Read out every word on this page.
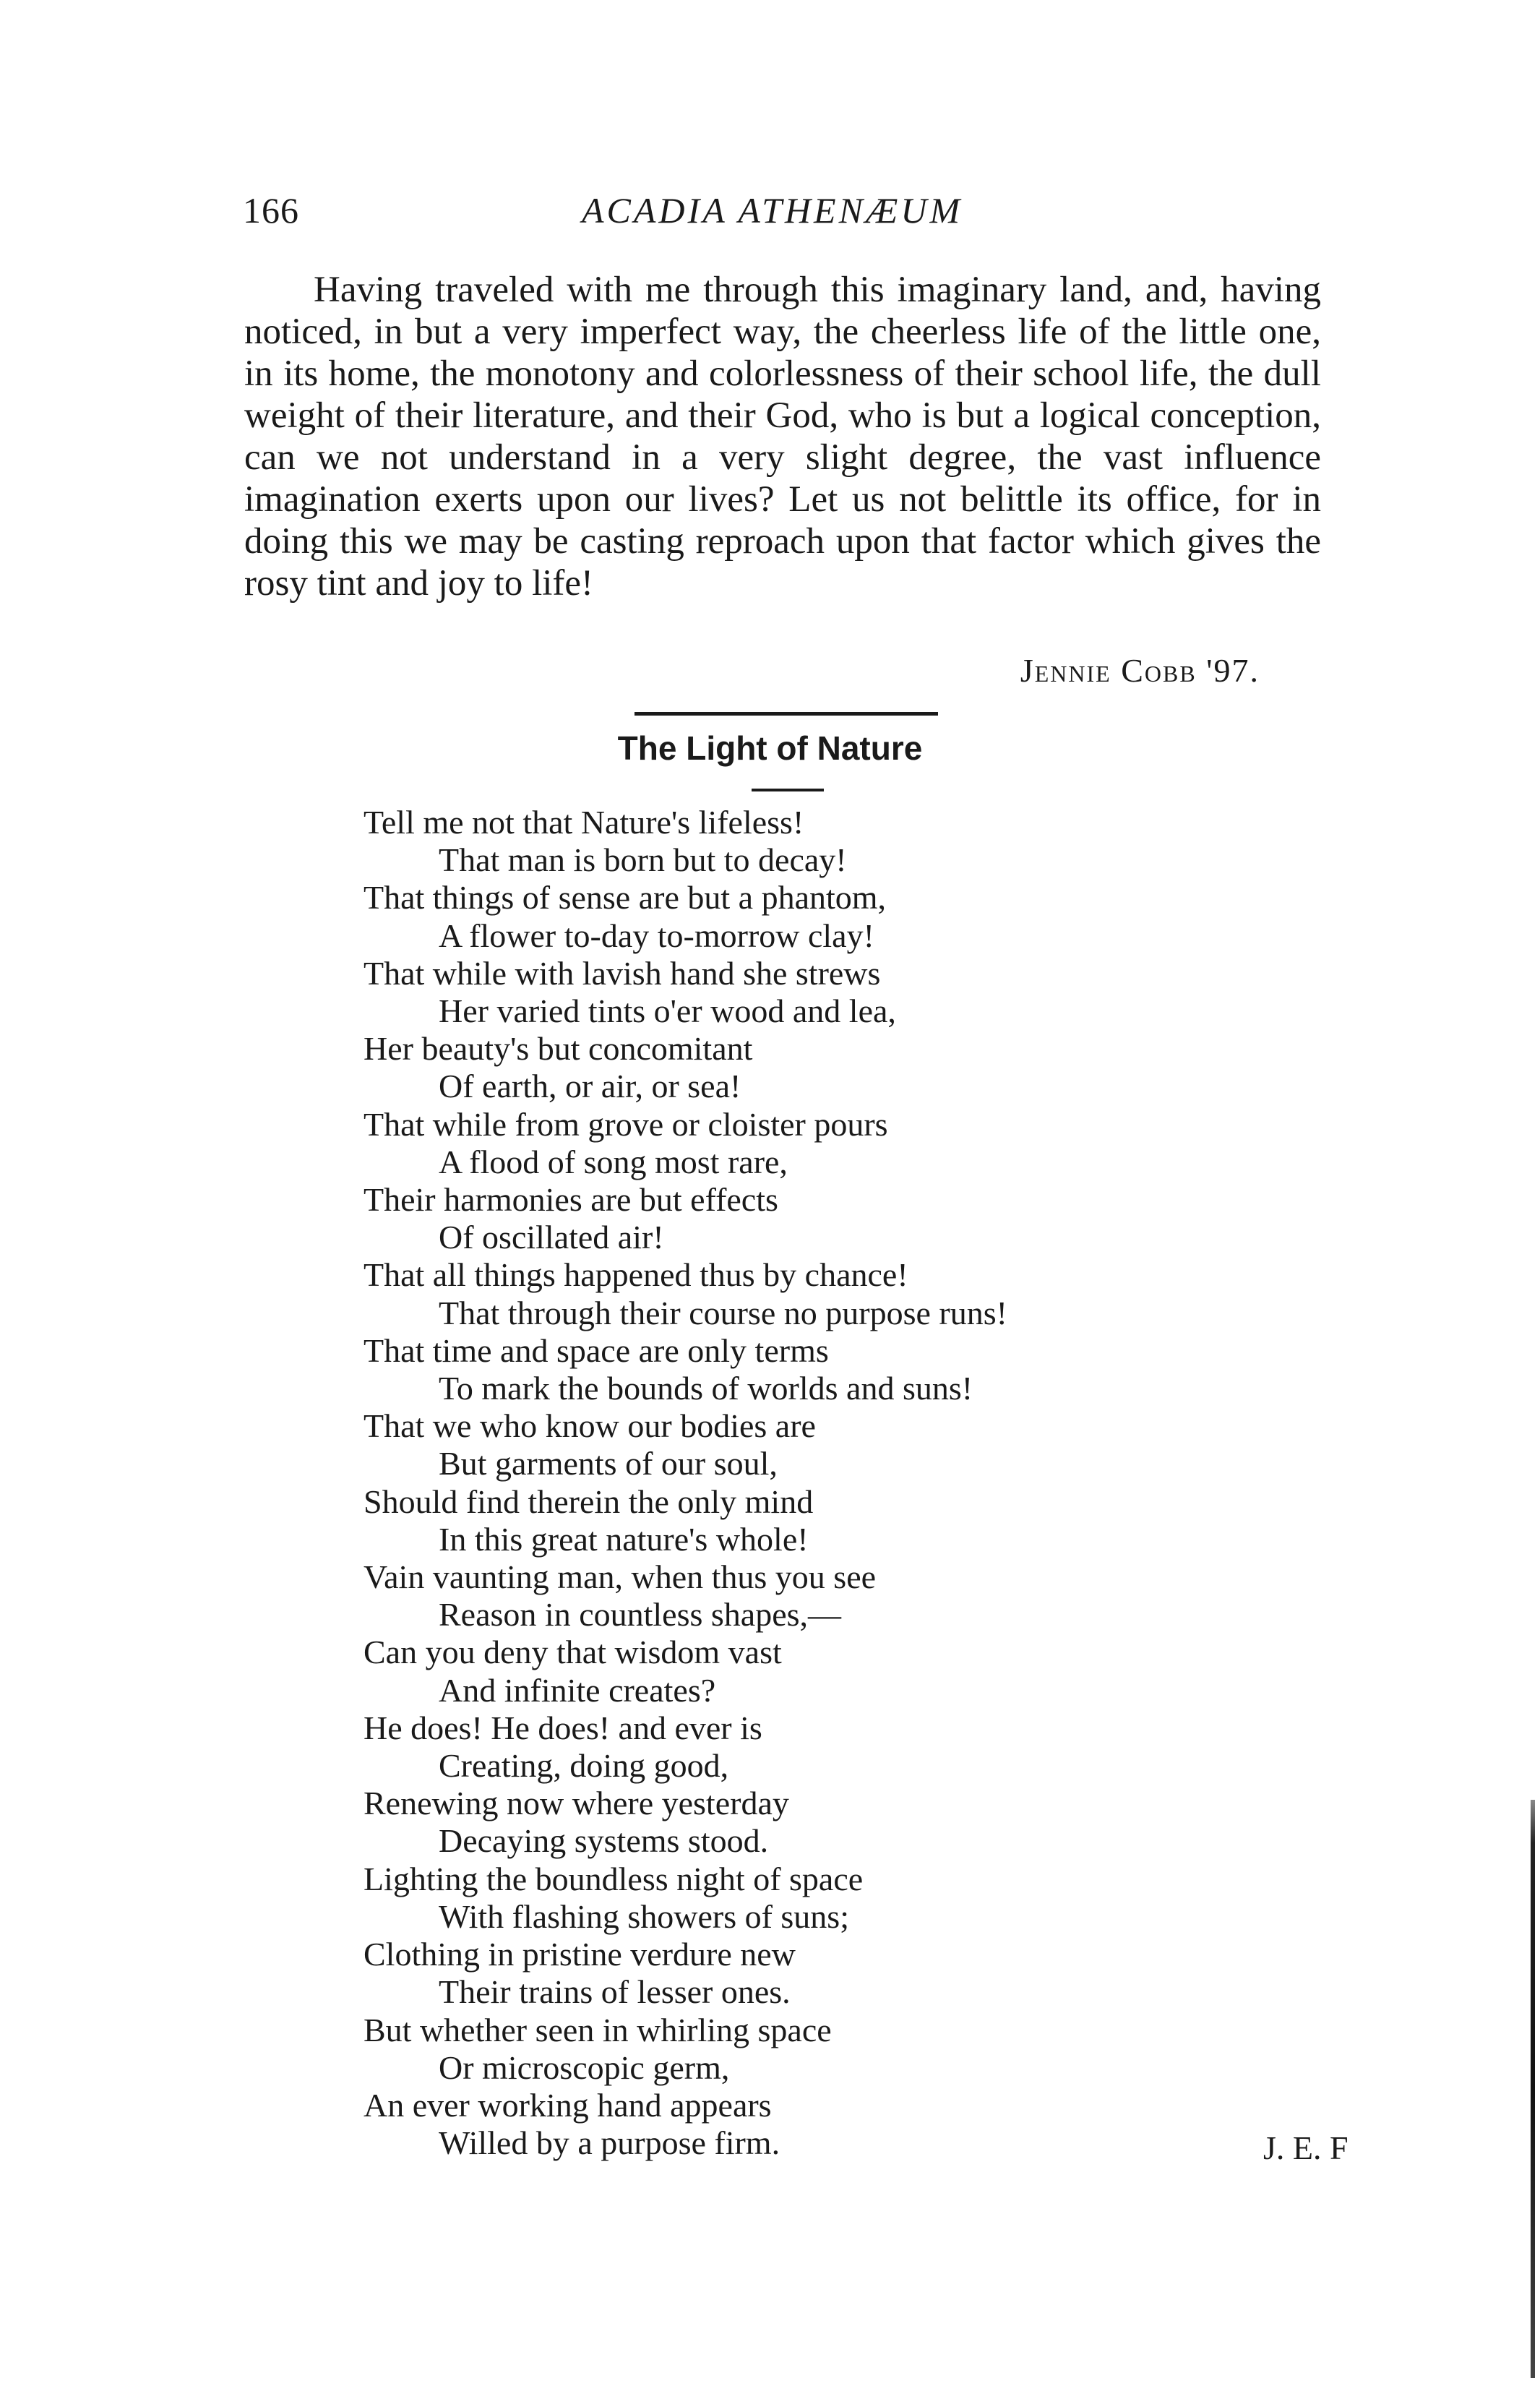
166	ACADIA ATHENÆUM

Having traveled with me through this imaginary land, and, having noticed, in but a very imperfect way, the cheerless life of the little one, in its home, the monotony and colorlessness of their school life, the dull weight of their literature, and their God, who is but a logical conception, can we not understand in a very slight degree, the vast influence imagination exerts upon our lives? Let us not belittle its office, for in doing this we may be casting reproach upon that factor which gives the rosy tint and joy to life!

Jennie Cobb '97.
The Light of Nature
Tell me not that Nature's lifeless!
That man is born but to decay!
That things of sense are but a phantom,
A flower to-day to-morrow clay!
That while with lavish hand she strews
Her varied tints o'er wood and lea,
Her beauty's but concomitant
Of earth, or air, or sea!
That while from grove or cloister pours
A flood of song most rare,
Their harmonies are but effects
Of oscillated air!
That all things happened thus by chance!
That through their course no purpose runs!
That time and space are only terms
To mark the bounds of worlds and suns!
That we who know our bodies are
But garments of our soul,
Should find therein the only mind
In this great nature's whole!
Vain vaunting man, when thus you see
Reason in countless shapes,—
Can you deny that wisdom vast
And infinite creates?
He does! He does! and ever is
Creating, doing good,
Renewing now where yesterday
Decaying systems stood.
Lighting the boundless night of space
With flashing showers of suns;
Clothing in pristine verdure new
Their trains of lesser ones.
But whether seen in whirling space
Or microscopic germ,
An ever working hand appears
Willed by a purpose firm.	J. E. F
